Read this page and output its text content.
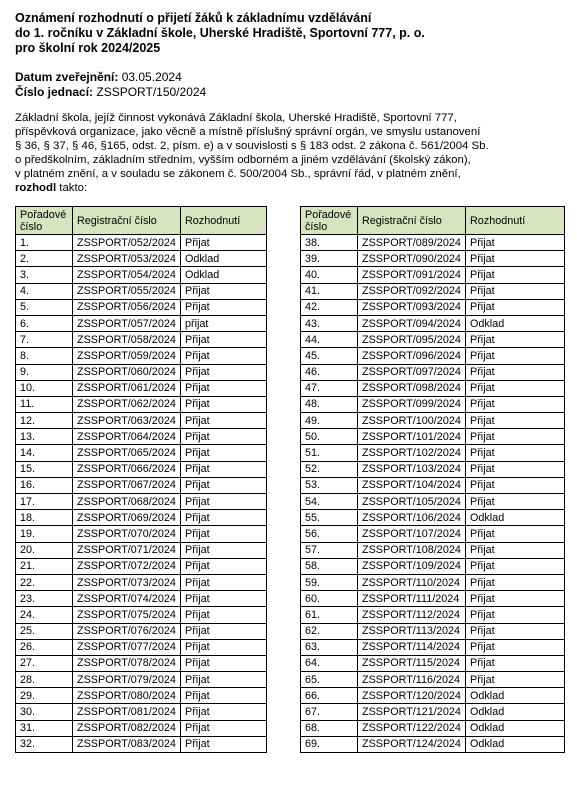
Oznámení rozhodnutí o přijetí žáků k základnímu vzdělávání
do 1. ročníku v Základní škole, Uherské Hradiště, Sportovní 777, p. o.
pro školní rok 2024/2025
Datum zveřejnění: 03.05.2024
Číslo jednací: ZSSPORT/150/2024
Základní škola, jejíž činnost vykonává Základní škola, Uherské Hradiště, Sportovní 777,
příspěvková organizace, jako věcně a místně příslušný správní orgán, ve smyslu ustanovení
§ 36, § 37, § 46, §165, odst. 2, písm. e) a v souvislosti s § 183 odst. 2 zákona č. 561/2004 Sb.
o předškolním, základním středním, vyšším odborném a jiném vzdělávání (školský zákon),
v platném znění, a v souladu se zákonem č. 500/2004 Sb., správní řád, v platném znění,
rozhodl takto:
Pořadové
číslo	Registrační číslo	Rozhodnutí
1.	ZSSPORT/052/2024	Přijat
2.	ZSSPORT/053/2024	Odklad
3.	ZSSPORT/054/2024	Odklad
4.	ZSSPORT/055/2024	Přijat
5.	ZSSPORT/056/2024	Přijat
6.	ZSSPORT/057/2024	přijat
7.	ZSSPORT/058/2024	Přijat
8.	ZSSPORT/059/2024	Přijat
9.	ZSSPORT/060/2024	Přijat
10.	ZSSPORT/061/2024	Přijat
11.	ZSSPORT/062/2024	Přijat
12.	ZSSPORT/063/2024	Přijat
13.	ZSSPORT/064/2024	Přijat
14.	ZSSPORT/065/2024	Přijat
15.	ZSSPORT/066/2024	Přijat
16.	ZSSPORT/067/2024	Přijat
17.	ZSSPORT/068/2024	Přijat
18.	ZSSPORT/069/2024	Přijat
19.	ZSSPORT/070/2024	Přijat
20.	ZSSPORT/071/2024	Přijat
21.	ZSSPORT/072/2024	Přijat
22.	ZSSPORT/073/2024	Přijat
23.	ZSSPORT/074/2024	Přijat
24.	ZSSPORT/075/2024	Přijat
25.	ZSSPORT/076/2024	Přijat
26.	ZSSPORT/077/2024	Přijat
27.	ZSSPORT/078/2024	Přijat
28.	ZSSPORT/079/2024	Přijat
29.	ZSSPORT/080/2024	Přijat
30.	ZSSPORT/081/2024	Přijat
31.	ZSSPORT/082/2024	Přijat
32.	ZSSPORT/083/2024	Přijat
Pořadové
číslo	Registrační číslo	Rozhodnutí
38.	ZSSPORT/089/2024	Přijat
39.	ZSSPORT/090/2024	Přijat
40.	ZSSPORT/091/2024	Přijat
41.	ZSSPORT/092/2024	Přijat
42.	ZSSPORT/093/2024	Přijat
43.	ZSSPORT/094/2024	Odklad
44.	ZSSPORT/095/2024	Přijat
45.	ZSSPORT/096/2024	Přijat
46.	ZSSPORT/097/2024	Přijat
47.	ZSSPORT/098/2024	Přijat
48.	ZSSPORT/099/2024	Přijat
49.	ZSSPORT/100/2024	Přijat
50.	ZSSPORT/101/2024	Přijat
51.	ZSSPORT/102/2024	Přijat
52.	ZSSPORT/103/2024	Přijat
53.	ZSSPORT/104/2024	Přijat
54.	ZSSPORT/105/2024	Přijat
55.	ZSSPORT/106/2024	Odklad
56.	ZSSPORT/107/2024	Přijat
57.	ZSSPORT/108/2024	Přijat
58.	ZSSPORT/109/2024	Přijat
59.	ZSSPORT/110/2024	Přijat
60.	ZSSPORT/111/2024	Přijat
61.	ZSSPORT/112/2024	Přijat
62.	ZSSPORT/113/2024	Přijat
63.	ZSSPORT/114/2024	Přijat
64.	ZSSPORT/115/2024	Přijat
65.	ZSSPORT/116/2024	Přijat
66.	ZSSPORT/120/2024	Odklad
67.	ZSSPORT/121/2024	Odklad
68.	ZSSPORT/122/2024	Odklad
69.	ZSSPORT/124/2024	Odklad
